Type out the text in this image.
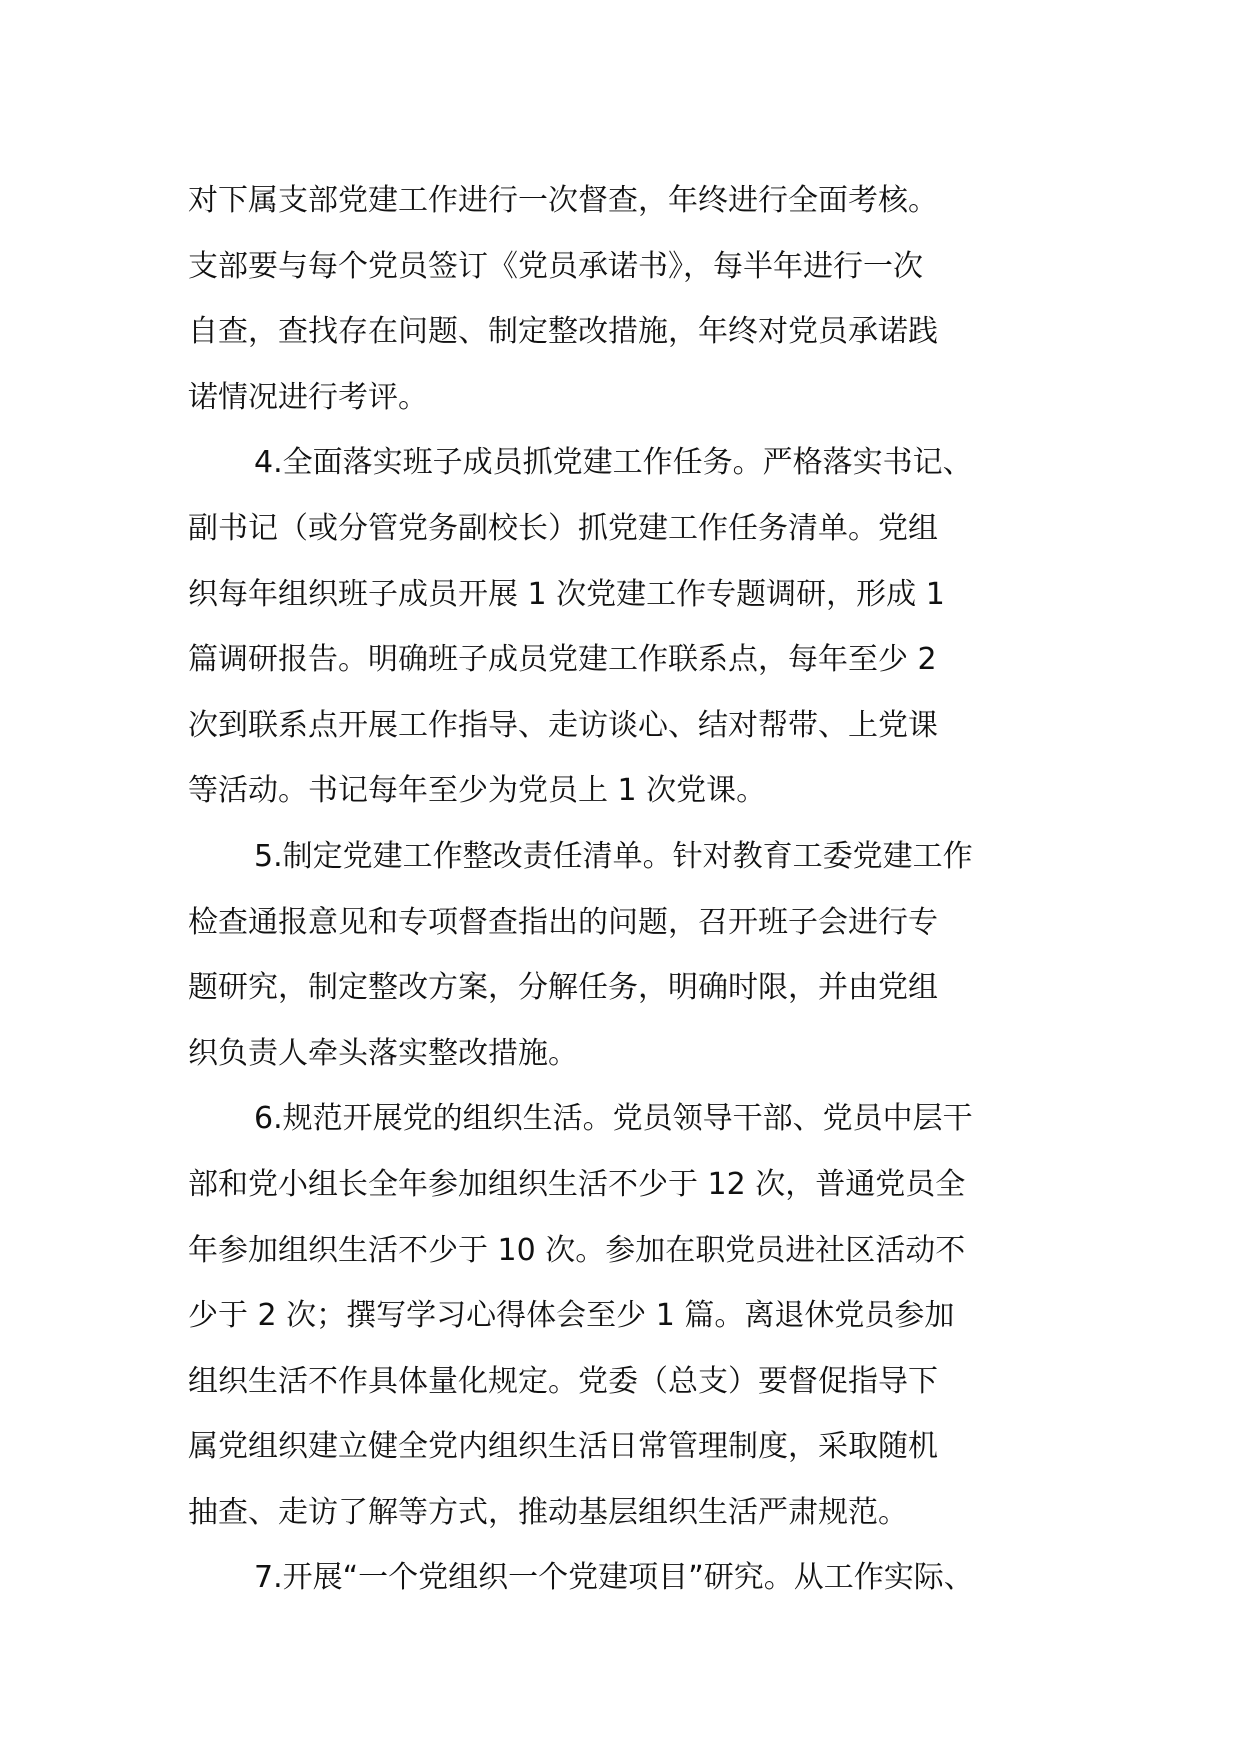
对下属支部党建工作进行一次督查，年终进行全面考核。
支部要与每个党员签订《党员承诺书》，每半年进行一次
自查，查找存在问题、制定整改措施，年终对党员承诺践
诺情况进行考评。
4.全面落实班子成员抓党建工作任务。严格落实书记、
副书记（或分管党务副校长）抓党建工作任务清单。党组
织每年组织班子成员开展 1 次党建工作专题调研，形成 1
篇调研报告。明确班子成员党建工作联系点，每年至少 2
次到联系点开展工作指导、走访谈心、结对帮带、上党课
等活动。书记每年至少为党员上 1 次党课。
5.制定党建工作整改责任清单。针对教育工委党建工作
检查通报意见和专项督查指出的问题，召开班子会进行专
题研究，制定整改方案，分解任务，明确时限，并由党组
织负责人牵头落实整改措施。
6.规范开展党的组织生活。党员领导干部、党员中层干
部和党小组长全年参加组织生活不少于 12 次，普通党员全
年参加组织生活不少于 10 次。参加在职党员进社区活动不
少于 2 次；撰写学习心得体会至少 1 篇。离退休党员参加
组织生活不作具体量化规定。党委（总支）要督促指导下
属党组织建立健全党内组织生活日常管理制度，采取随机
抽查、走访了解等方式，推动基层组织生活严肃规范。
7.开展“一个党组织一个党建项目”研究。从工作实际、
